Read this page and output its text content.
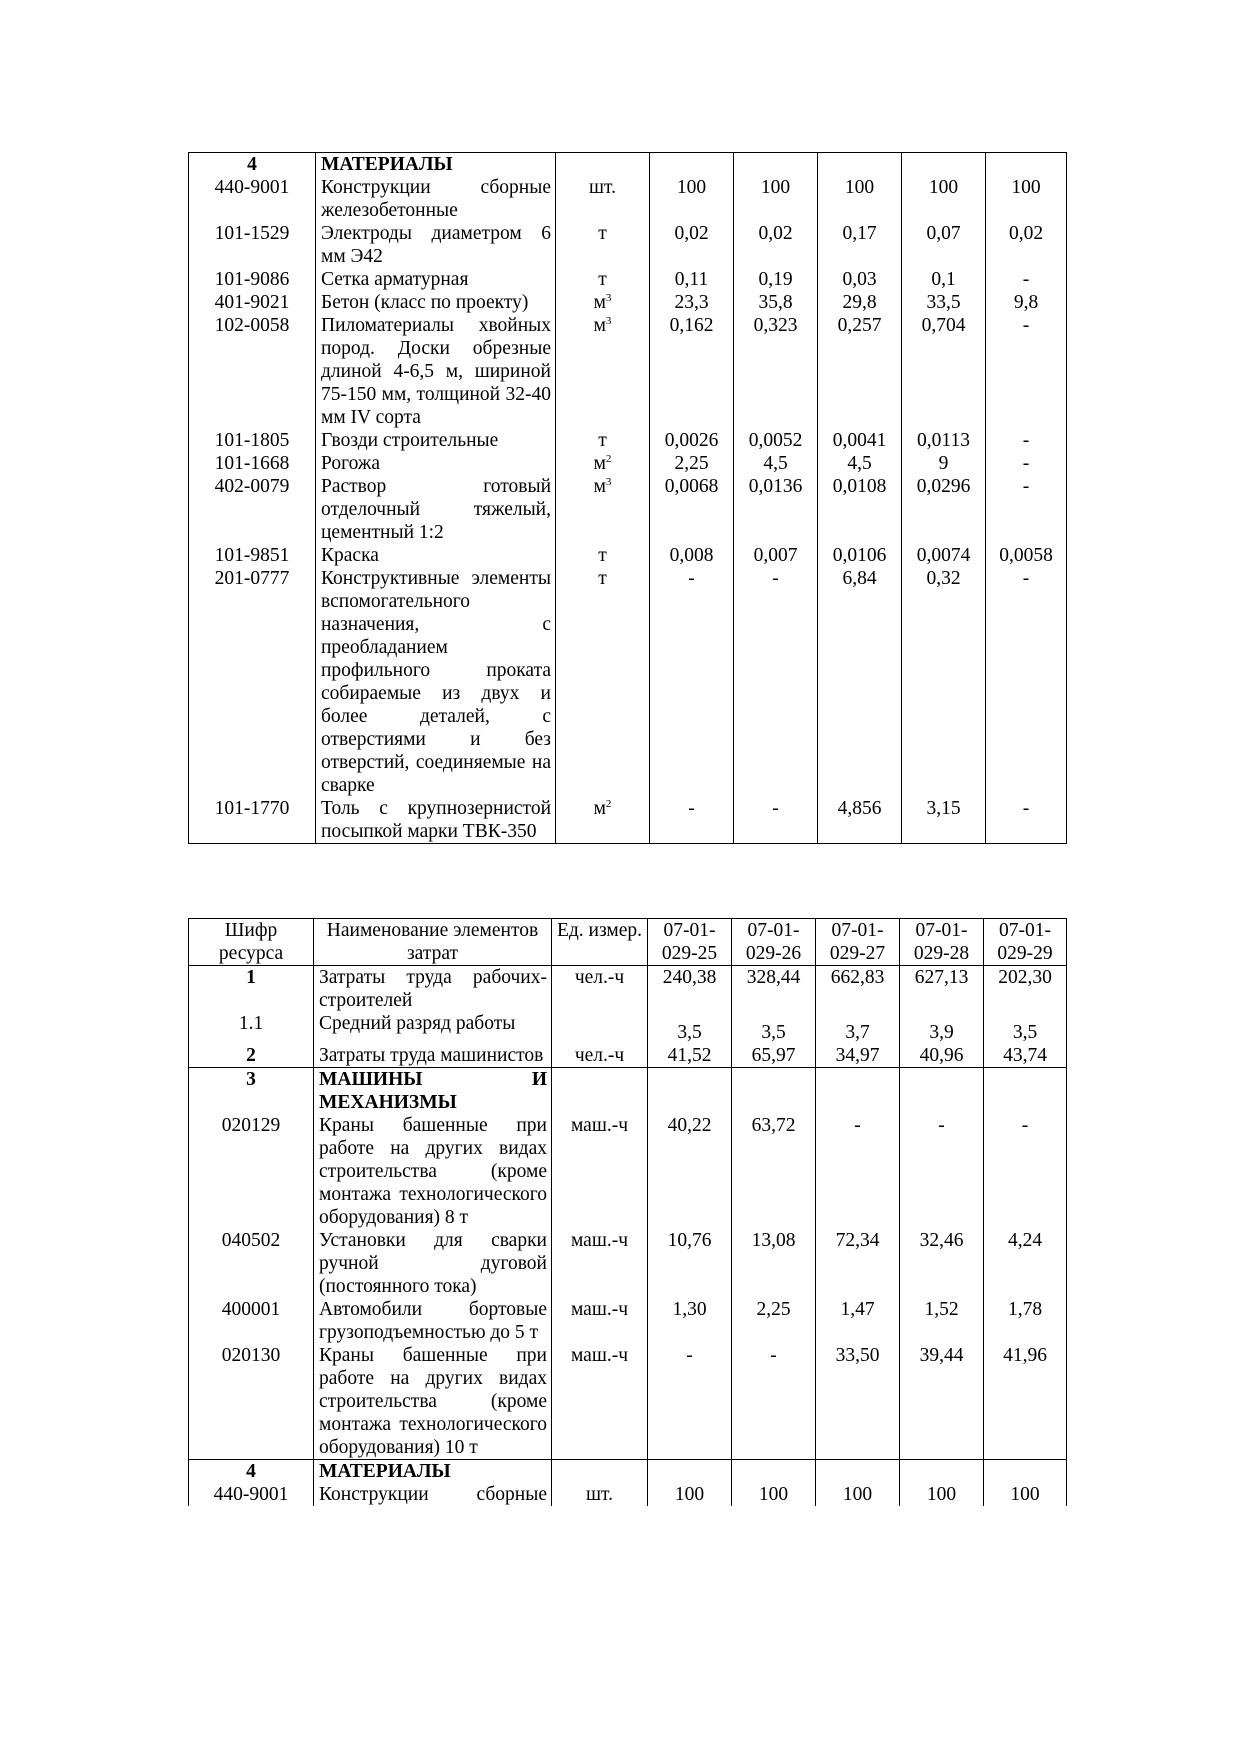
4	МАТЕРИАЛЫ						
440-9001	Конструкции сборные железобетонные	шт.	100	100	100	100	100
101-1529	Электроды диаметром 6 мм Э42	т	0,02	0,02	0,17	0,07	0,02
101-9086	Сетка арматурная	т	0,11	0,19	0,03	0,1	-
401-9021	Бетон (класс по проекту)	$м^3$	23,3	35,8	29,8	33,5	9,8
102-0058	Пиломатериалы хвойных пород. Доски обрезные длиной 4-6,5 м, шириной 75-150 мм, толщиной 32-40 мм IV сорта	$м^3$	0,162	0,323	0,257	0,704	-
101-1805	Гвозди строительные	т	0,0026	0,0052	0,0041	0,0113	-
101-1668	Рогожа	$м^2$	2,25	4,5	4,5	9	-
402-0079	Раствор готовый отделочный тяжелый, цементный 1:2	$м^3$	0,0068	0,0136	0,0108	0,0296	-
101-9851	Краска	т	0,008	0,007	0,0106	0,0074	0,0058
201-0777	Конструктивные элементы вспомогательного назначения, с преобладанием профильного проката собираемые из двух и более деталей, с отверстиями и без отверстий, соединяемые на сварке	т	-	-	6,84	0,32	-
101-1770	Толь с крупнозернистой посыпкой марки ТВК-350	$м^2$	-	-	4,856	3,15	-
Шифр ресурса	Наименование элементов затрат	Ед. измер.	07-01-029-25	07-01-029-26	07-01-029-27	07-01-029-28	07-01-029-29
1	Затраты труда рабочих-строителей	чел.-ч	240,38	328,44	662,83	627,13	202,30
1.1	Средний разряд работы		3,5	3,5	3,7	3,9	3,5
2	Затраты труда машинистов	чел.-ч	41,52	65,97	34,97	40,96	43,74
3	МАШИНЫ И МЕХАНИЗМЫ						
020129	Краны башенные при работе на других видах строительства (кроме монтажа технологического оборудования) 8 т	маш.-ч	40,22	63,72	-	-	-
040502	Установки для сварки ручной дуговой (постоянного тока)	маш.-ч	10,76	13,08	72,34	32,46	4,24
400001	Автомобили бортовые грузоподъемностью до 5 т	маш.-ч	1,30	2,25	1,47	1,52	1,78
020130	Краны башенные при работе на других видах строительства (кроме монтажа технологического оборудования) 10 т	маш.-ч	-	-	33,50	39,44	41,96
4	МАТЕРИАЛЫ						
440-9001	Конструкции сборные	шт.	100	100	100	100	100
